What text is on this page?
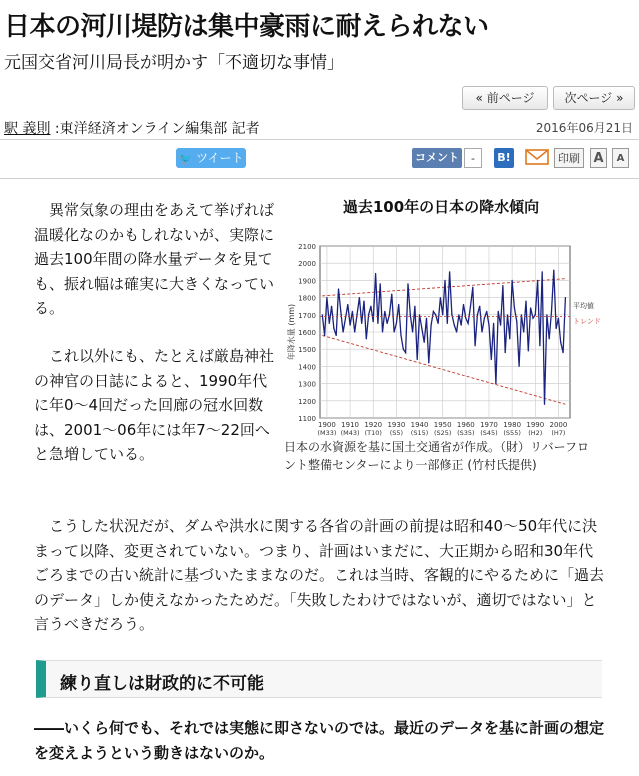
日本の河川堤防は集中豪雨に耐えられない
元国交省河川局長が明かす「不適切な事情」
« 前ページ	次ページ »
駅 義則 :東洋経済オンライン編集部 記者	2016年06月21日
🐦 ツイート	コメント	-	B!	印刷	A	A
　異常気象の理由をあえて挙げれば温暖化なのかもしれないが、実際に過去100年間の降水量データを見ても、振れ幅は確実に大きくなっている。
　これ以外にも、たとえば厳島神社の神官の日誌によると、1990年代に年0～4回だった回廊の冠水回数は、2001～06年には年7～22回へと急増している。
過去100年の日本の降水傾向
1100
1200
1300
1400
1500
1600
1700
1800
1900
2000
2100
1900
(M33)
1910
(M43)
1920
(T10)
1930
(S5)
1940
(S15)
1950
(S25)
1960
(S35)
1970
(S45)
1980
(S55)
1990
(H2)
2000
(H7)
年降水量 (mm)	平均値
トレンド
日本の水資源を基に国土交通省が作成。（財）リバーフロント整備センターにより一部修正 (竹村氏提供)
　こうした状況だが、ダムや洪水に関する各省の計画の前提は昭和40～50年代に決まって以降、変更されていない。つまり、計画はいまだに、大正期から昭和30年代ごろまでの古い統計に基づいたままなのだ。これは当時、客観的にやるために「過去のデータ」しか使えなかったためだ。「失敗したわけではないが、適切ではない」と言うべきだろう。
練り直しは財政的に不可能
――いくら何でも、それでは実態に即さないのでは。最近のデータを基に計画の想定を変えようという動きはないのか。
